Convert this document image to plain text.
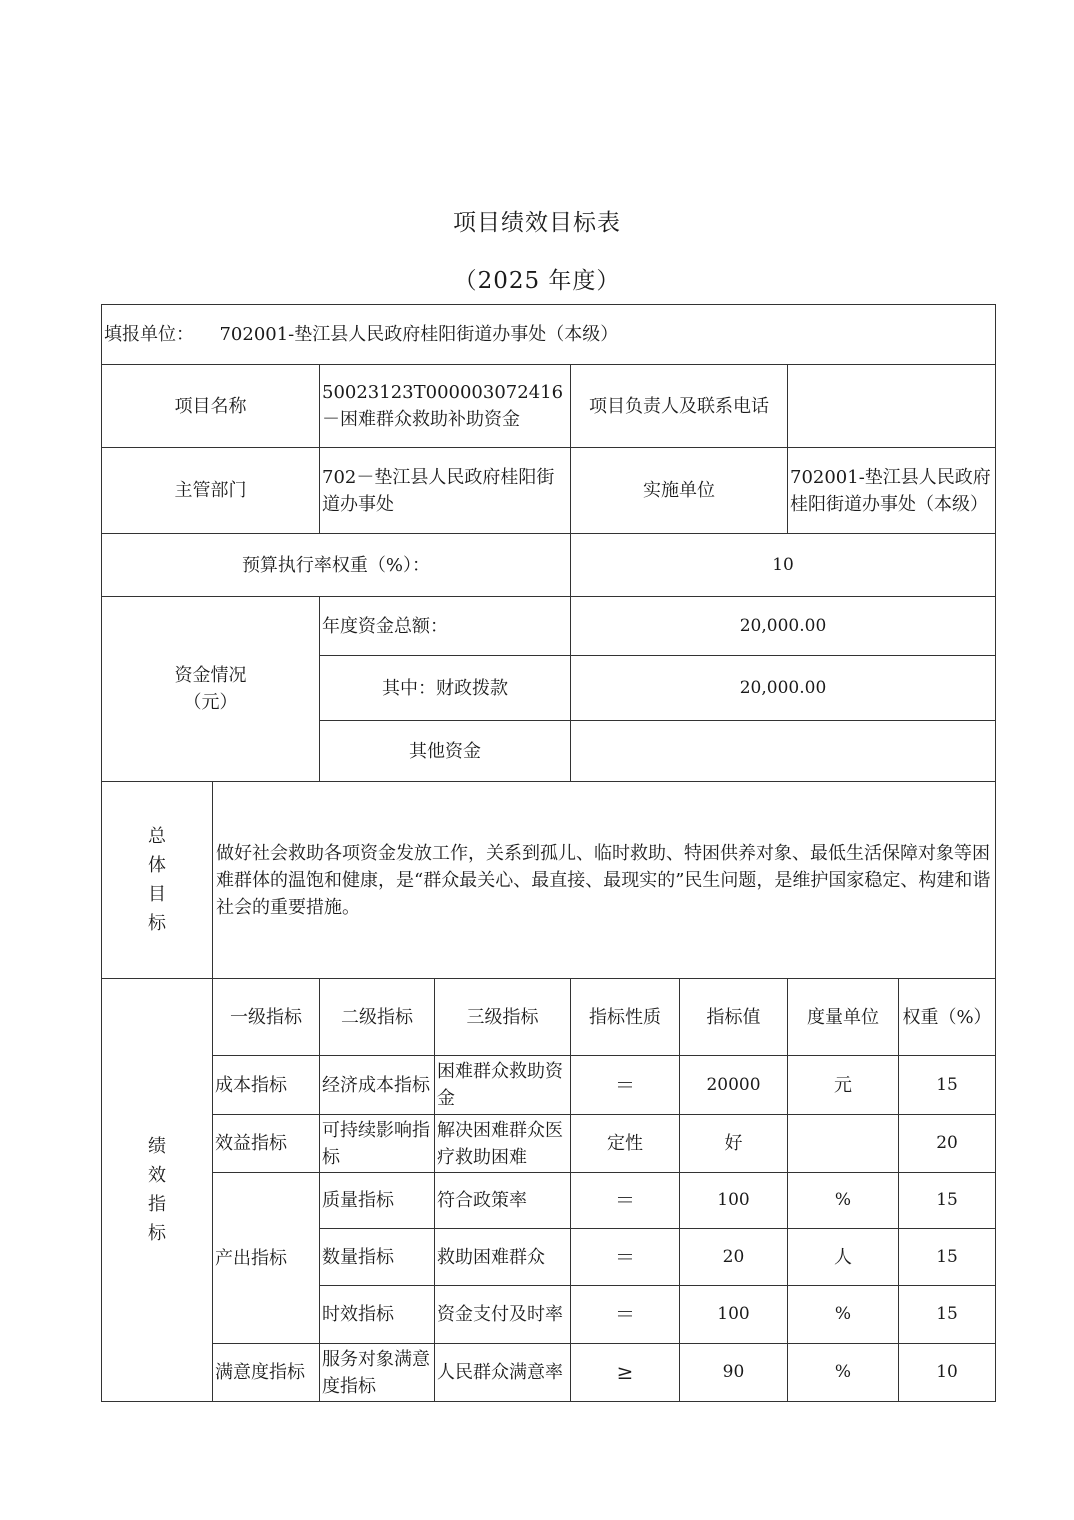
项目绩效目标表
（2025 年度）
填报单位： 702001-垫江县人民政府桂阳街道办事处（本级）							
项目名称		50023123T000003072416－困难群众救助补助资金		项目负责人及联系电话			
主管部门		702－垫江县人民政府桂阳街道办事处		实施单位		702001-垫江县人民政府桂阳街道办事处（本级）	
预算执行率权重（%）：				10			

资金情况
（元）		年度资金总额：		20,000.00			
		其中：财政拨款		20,000.00			
		其他资金					

总
体
目
标	做好社会救助各项资金发放工作，关系到孤儿、临时救助、特困供养对象、最低生活保障对象等困难群体的温饱和健康，是“群众最关心、最直接、最现实的”民生问题，是维护国家稳定、构建和谐社会的重要措施。						

绩
效
指
标	一级指标	二级指标	三级指标	指标性质	指标值	度量单位	权重（%）
	成本指标	经济成本指标	困难群众救助资金	＝	20000	元	15
	效益指标	可持续影响指标	解决困难群众医疗救助困难	定性	好		20
	产出指标	质量指标	符合政策率	＝	100	%	15
		数量指标	救助困难群众	＝	20	人	15
		时效指标	资金支付及时率	＝	100	%	15
	满意度指标	服务对象满意度指标	人民群众满意率	≥	90	%	10
